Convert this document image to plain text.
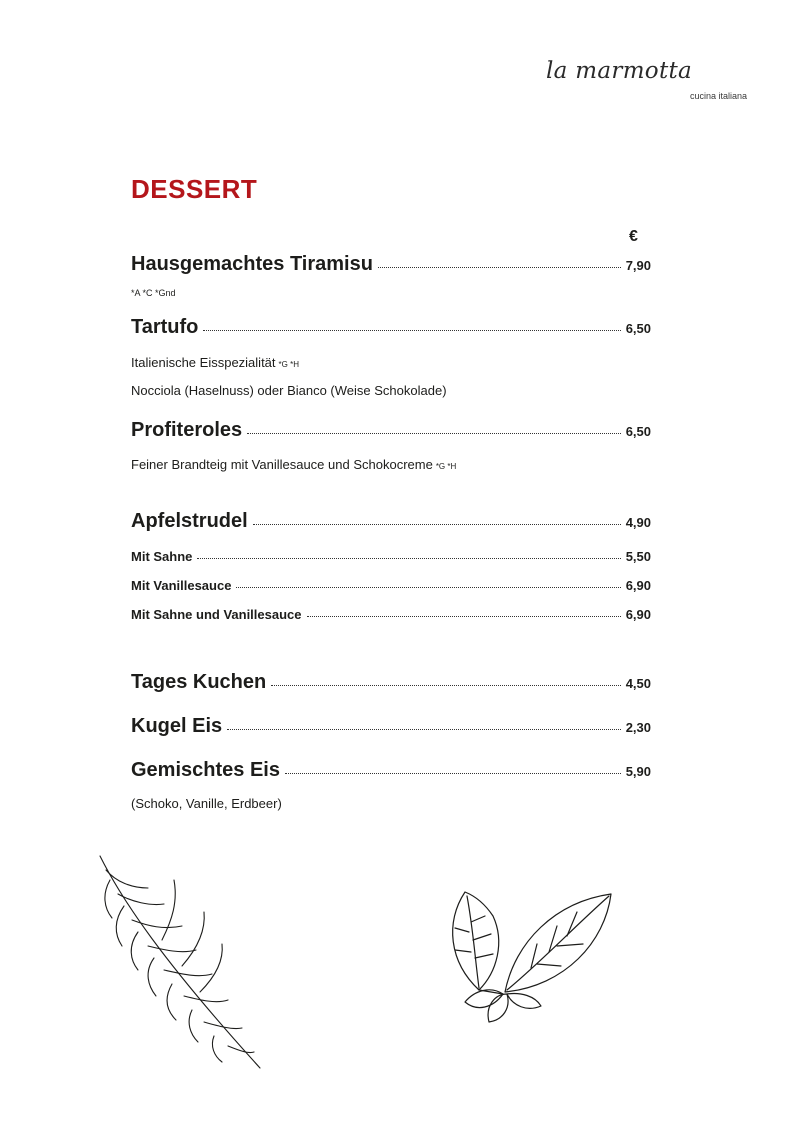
la marmotta
cucina italiana
DESSERT
€
Hausgemachtes Tiramisu	7,90
*A *C *Gnd
Tartufo	6,50
Italienische Eisspezialität *G *H
Nocciola (Haselnuss) oder Bianco (Weise Schokolade)
Profiteroles	6,50
Feiner Brandteig mit Vanillesauce und Schokocreme *G *H
Apfelstrudel	4,90
Mit Sahne	5,50
Mit Vanillesauce	6,90
Mit Sahne und Vanillesauce	6,90
Tages Kuchen	4,50
Kugel Eis	2,30
Gemischtes Eis	5,90
(Schoko, Vanille, Erdbeer)
